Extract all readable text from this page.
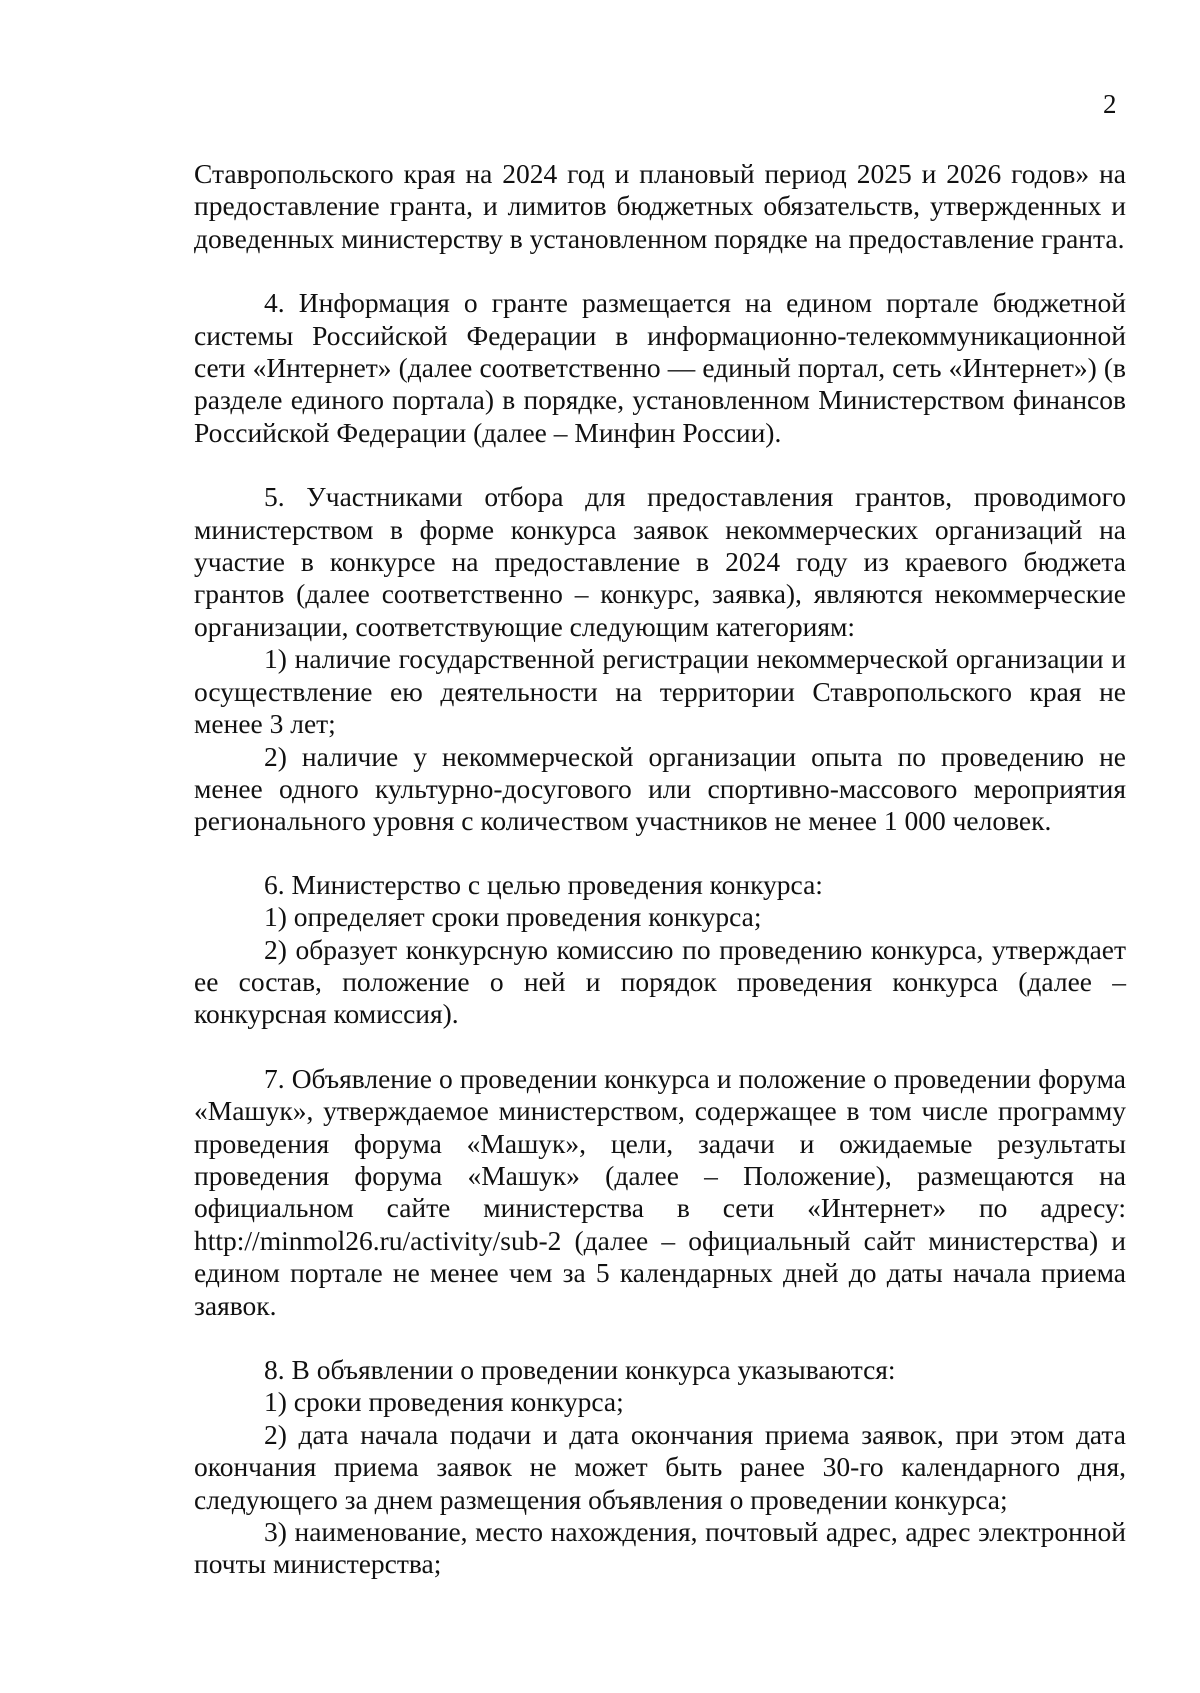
2

Ставропольского края на 2024 год и плановый период 2025 и 2026 годов» на предоставление гранта, и лимитов бюджетных обязательств, утвержденных и доведенных министерству в установленном порядке на предоставление гранта.

4. Информация о гранте размещается на едином портале бюджетной системы Российской Федерации в информационно-телекоммуникационной сети «Интернет» (далее соответственно — единый портал, сеть «Интернет») (в разделе единого портала) в порядке, установленном Министерством финансов Российской Федерации (далее – Минфин России).

5. Участниками отбора для предоставления грантов, проводимого министерством в форме конкурса заявок некоммерческих организаций на участие в конкурсе на предоставление в 2024 году из краевого бюджета грантов (далее соответственно – конкурс, заявка), являются некоммерческие организации, соответствующие следующим категориям:

1) наличие государственной регистрации некоммерческой организации и осуществление ею деятельности на территории Ставропольского края не менее 3 лет;

2) наличие у некоммерческой организации опыта по проведению не менее одного культурно-досугового или спортивно-массового мероприятия регионального уровня с количеством участников не менее 1 000 человек.

6. Министерство с целью проведения конкурса:

1) определяет сроки проведения конкурса;

2) образует конкурсную комиссию по проведению конкурса, утверждает ее состав, положение о ней и порядок проведения конкурса (далее – конкурсная комиссия).

7. Объявление о проведении конкурса и положение о проведении форума «Машук», утверждаемое министерством, содержащее в том числе программу проведения форума «Машук», цели, задачи и ожидаемые результаты проведения форума «Машук» (далее – Положение), размещаются на официальном сайте министерства в сети «Интернет» по адресу: http://minmol26.ru/activity/sub-2 (далее – официальный сайт министерства) и едином портале не менее чем за 5 календарных дней до даты начала приема заявок.

8. В объявлении о проведении конкурса указываются:

1) сроки проведения конкурса;

2) дата начала подачи и дата окончания приема заявок, при этом дата окончания приема заявок не может быть ранее 30-го календарного дня, следующего за днем размещения объявления о проведении конкурса;

3) наименование, место нахождения, почтовый адрес, адрес электронной почты министерства;
